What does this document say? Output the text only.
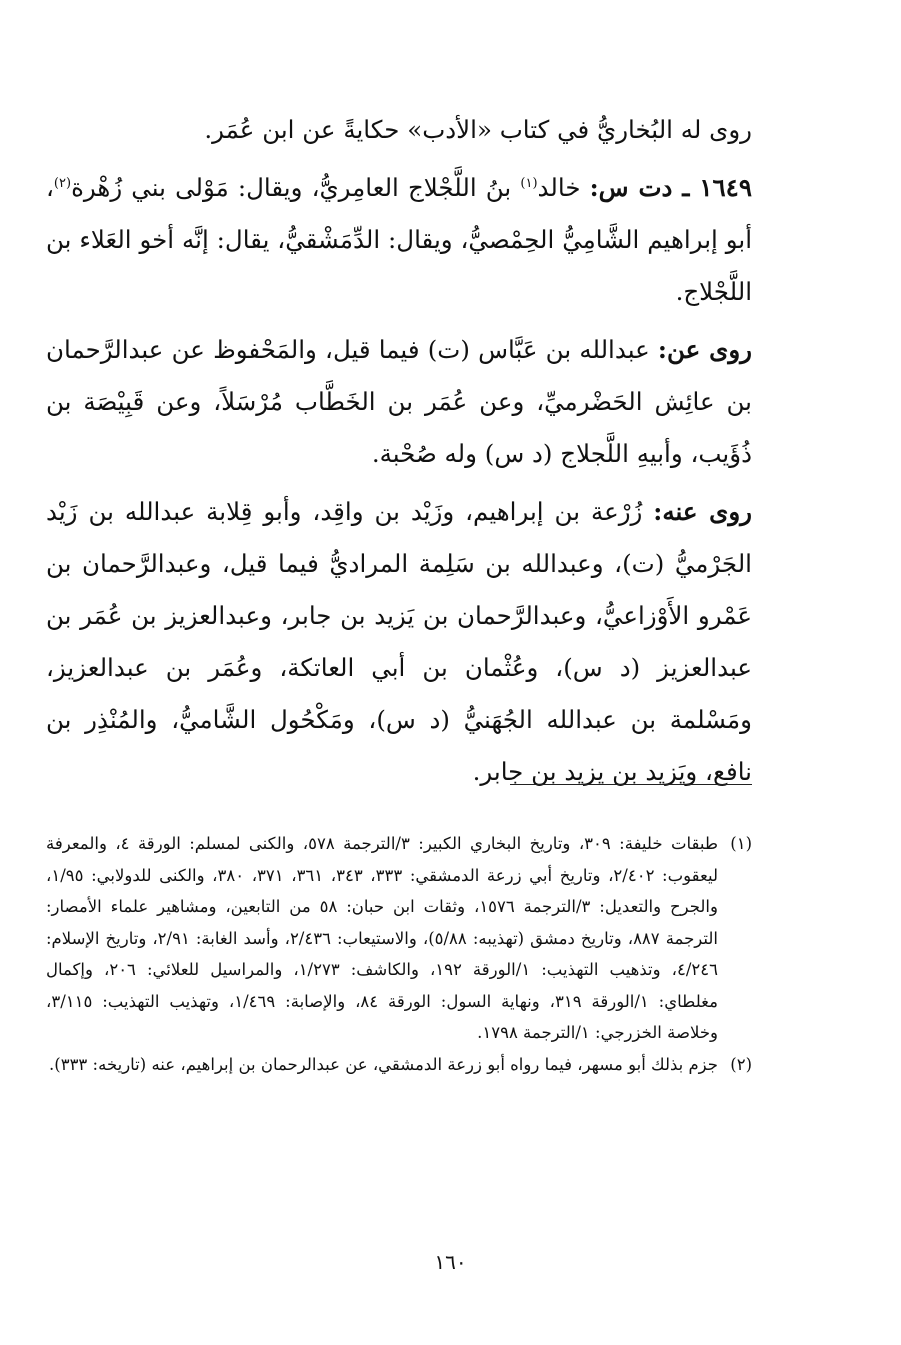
روى له البُخاريُّ في كتاب «الأدب» حكايةً عن ابن عُمَر.

١٦٤٩ ـ دت س: خالد$^{(١)}$ بنُ اللَّجْلاج العامِريُّ، ويقال: مَوْلى بني زُهْرة$^{(٢)}$، أبو إبراهيم الشَّامِيُّ الحِمْصيُّ، ويقال: الدِّمَشْقيُّ، يقال: إنَّه أخو العَلاء بن اللَّجْلاج.

روى عن: عبدالله بن عَبَّاس (ت) فيما قيل، والمَحْفوظ عن عبدالرَّحمان بن عائِش الحَضْرميِّ، وعن عُمَر بن الخَطَّاب مُرْسَلاً، وعن قَبِيْصَة بن ذُؤَيب، وأبيهِ اللَّجلاج (د س) وله صُحْبة.

روى عنه: زُرْعة بن إبراهيم، وزَيْد بن واقِد، وأبو قِلابة عبدالله بن زَيْد الجَرْميُّ (ت)، وعبدالله بن سَلِمة المراديُّ فيما قيل، وعبدالرَّحمان بن عَمْرو الأَوْزاعيُّ، وعبدالرَّحمان بن يَزيد بن جابر، وعبدالعزيز بن عُمَر بن عبدالعزيز (د س)، وعُثْمان بن أبي العاتكة، وعُمَر بن عبدالعزيز، ومَسْلمة بن عبدالله الجُهَنيُّ (د س)، ومَكْحُول الشَّاميُّ، والمُنْذِر بن نافع، ويَزيد بن يزيد بن جابر.

(١)
طبقات خليفة: ٣٠٩، وتاريخ البخاري الكبير: ٣/الترجمة ٥٧٨، والكنى لمسلم: الورقة ٤، والمعرفة ليعقوب: ٢/٤٠٢، وتاريخ أبي زرعة الدمشقي: ٣٣٣، ٣٤٣، ٣٦١، ٣٧١، ٣٨٠، والكنى للدولابي: ١/٩٥، والجرح والتعديل: ٣/الترجمة ١٥٧٦، وثقات ابن حبان: ٥٨ من التابعين، ومشاهير علماء الأمصار: الترجمة ٨٨٧، وتاريخ دمشق (تهذيبه: ٥/٨٨)، والاستيعاب: ٢/٤٣٦، وأسد الغابة: ٢/٩١، وتاريخ الإسلام: ٤/٢٤٦، وتذهيب التهذيب: ١/الورقة ١٩٢، والكاشف: ١/٢٧٣، والمراسيل للعلائي: ٢٠٦، وإكمال مغلطاي: ١/الورقة ٣١٩، ونهاية السول: الورقة ٨٤، والإصابة: ١/٤٦٩، وتهذيب التهذيب: ٣/١١٥، وخلاصة الخزرجي: ١/الترجمة ١٧٩٨.
(٢)
جزم بذلك أبو مسهر، فيما رواه أبو زرعة الدمشقي، عن عبدالرحمان بن إبراهيم، عنه (تاريخه: ٣٣٣).
١٦٠
